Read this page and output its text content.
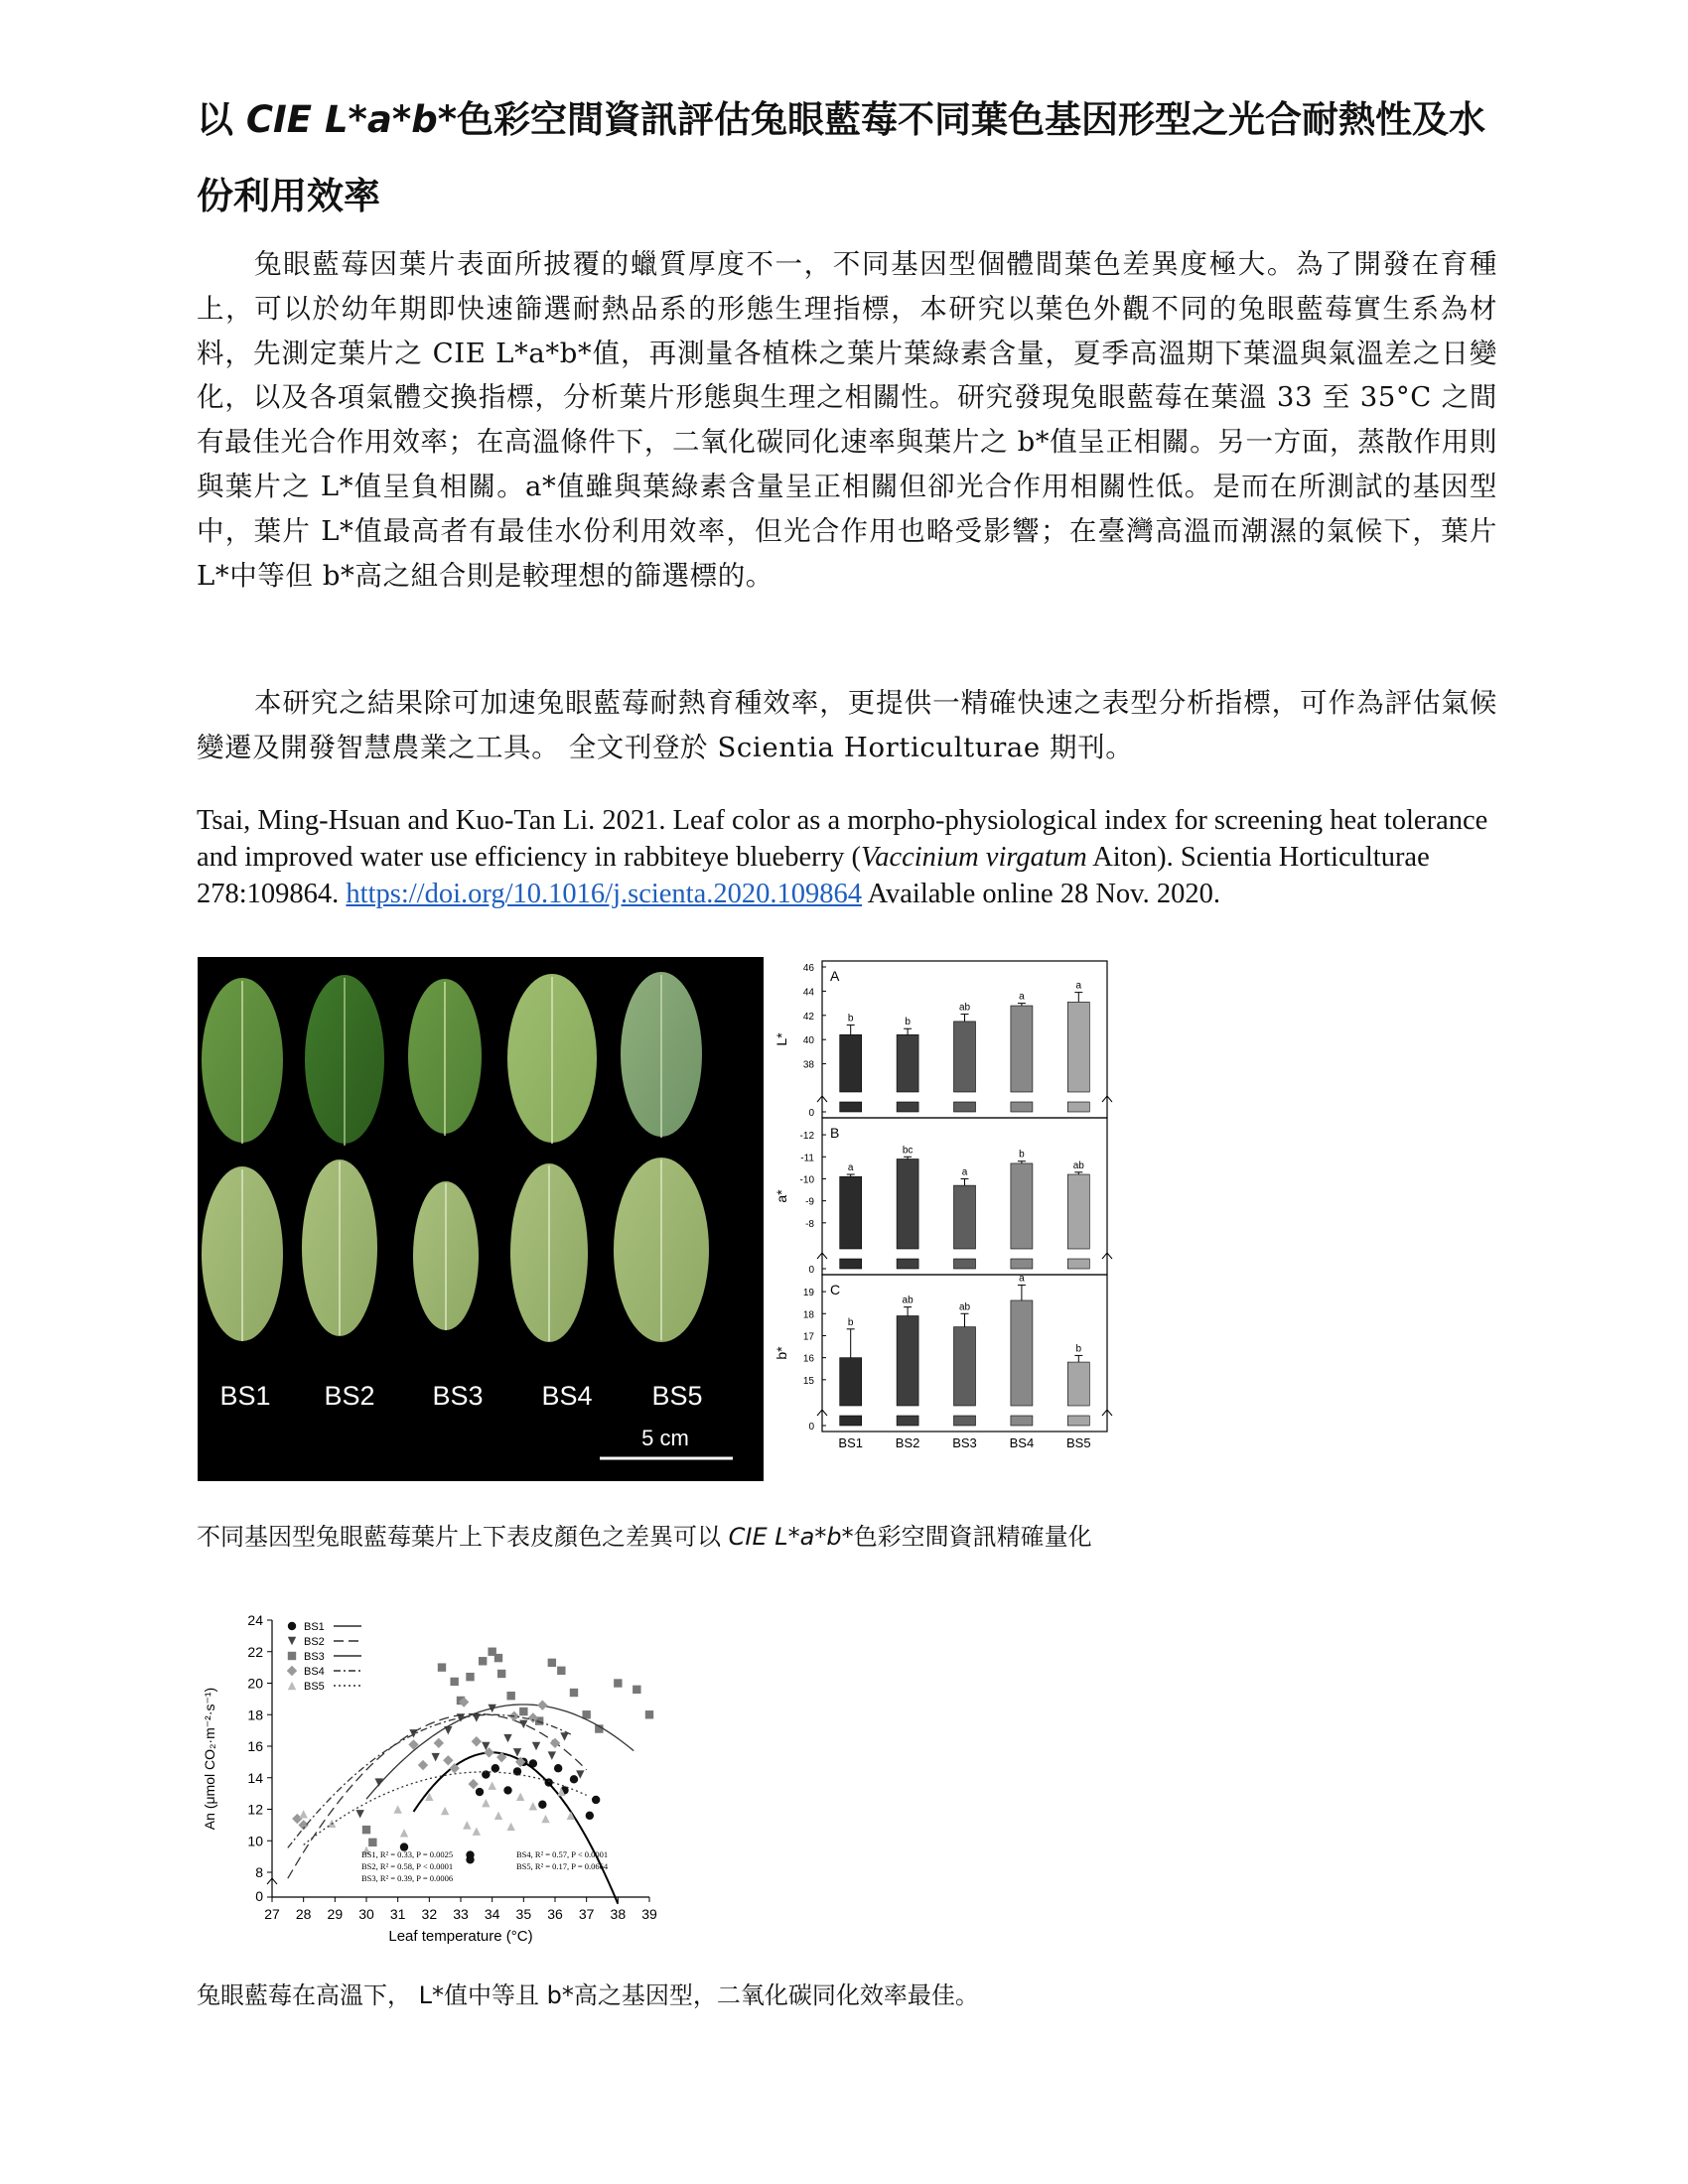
以 CIE L*a*b*色彩空間資訊評估兔眼藍莓不同葉色基因形型之光合耐熱性及水份利用效率

兔眼藍莓因葉片表面所披覆的蠟質厚度不一，不同基因型個體間葉色差異度極大。為了開發在育種上，可以於幼年期即快速篩選耐熱品系的形態生理指標，本研究以葉色外觀不同的兔眼藍莓實生系為材料，先測定葉片之 CIE L*a*b*值，再測量各植株之葉片葉綠素含量，夏季高溫期下葉溫與氣溫差之日變化，以及各項氣體交換指標，分析葉片形態與生理之相關性。研究發現兔眼藍莓在葉溫 33 至 35°C 之間有最佳光合作用效率；在高溫條件下，二氧化碳同化速率與葉片之 b*值呈正相關。另一方面，蒸散作用則與葉片之 L*值呈負相關。a*值雖與葉綠素含量呈正相關但卻光合作用相關性低。是而在所測試的基因型中，葉片 L*值最高者有最佳水份利用效率，但光合作用也略受影響；在臺灣高溫而潮濕的氣候下，葉片 L*中等但 b*高之組合則是較理想的篩選標的。

本研究之結果除可加速兔眼藍莓耐熱育種效率，更提供一精確快速之表型分析指標，可作為評估氣候變遷及開發智慧農業之工具。 全文刊登於 Scientia Horticulturae 期刊。

Tsai, Ming-Hsuan and Kuo-Tan Li. 2021. Leaf color as a morpho-physiological index for screening heat tolerance and improved water use efficiency in rabbiteye blueberry (Vaccinium virgatum Aiton). Scientia Horticulturae 278:109864. https://doi.org/10.1016/j.scienta.2020.109864 Available online 28 Nov. 2020.
BS1 BS2 BS3 BS4 BS5
5 cm
A
L*
0
38
40
42
44
46
b	b
ab
a
a
B
a*
0
-8
-9
-10
-11
-12
a
bc
a
b
ab
C
b*
0
15
16
17
18
19
b
ab
ab
a
b
BS1	BS2	BS3	BS4	BS5
不同基因型兔眼藍莓葉片上下表皮顏色之差異可以 CIE L*a*b*色彩空間資訊精確量化
0
8
10
12
14
16
18
20
22
24
27 28 29 30 31 32 33 34 35 36 37 38 39
Leaf temperature (°C)
An (μmol CO₂·m⁻²·s⁻¹)
BS1
BS2
BS3
BS4
BS5
BS1, R² = 0.33, P = 0.0025
BS2, R² = 0.58, P < 0.0001
BS3, R² = 0.39, P = 0.0006
BS4, R² = 0.57, P < 0.0001
BS5, R² = 0.17, P = 0.0664
兔眼藍莓在高溫下， L*值中等且 b*高之基因型，二氧化碳同化效率最佳。
